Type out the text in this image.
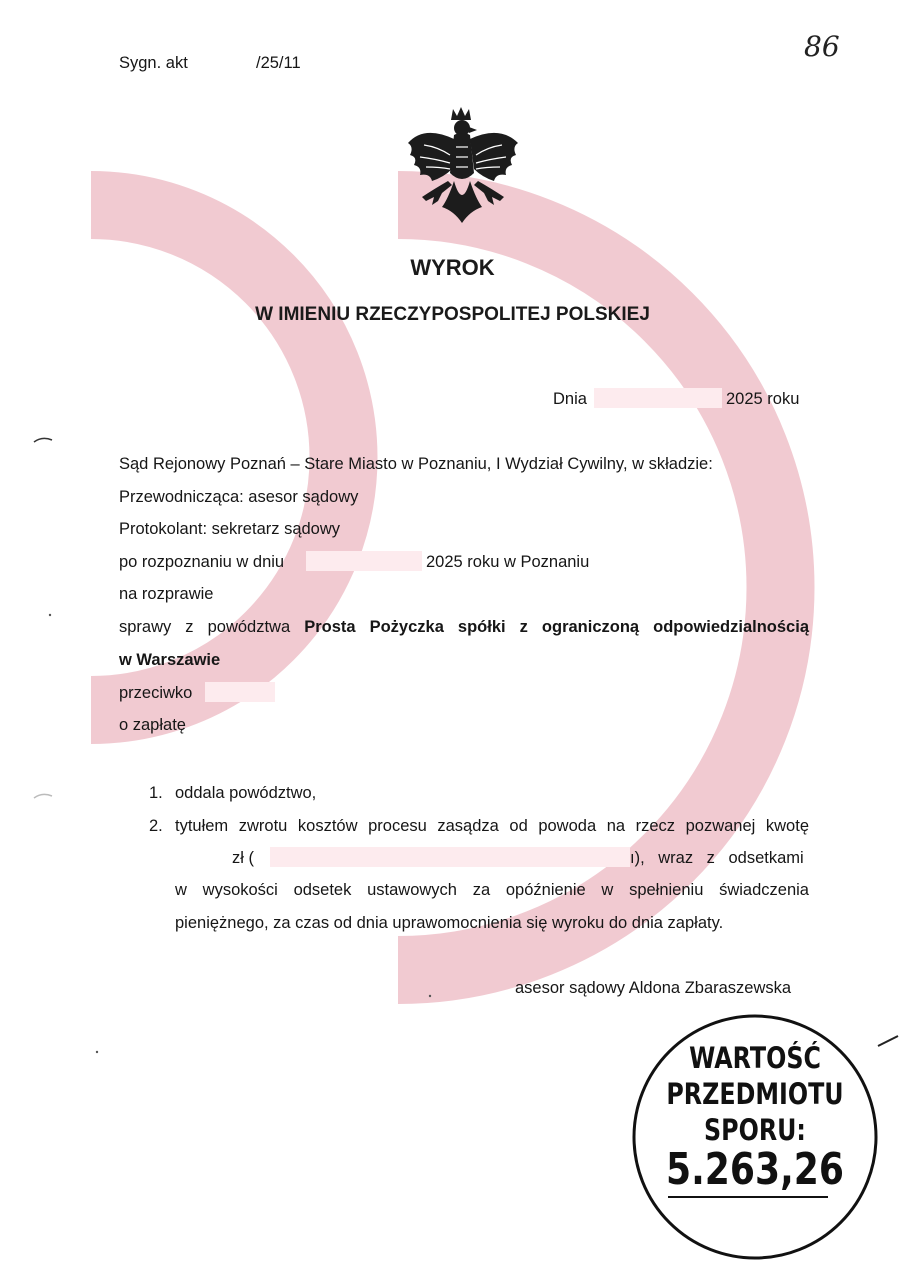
Sygn. akt	/25/11	86
WYROK
W IMIENIU RZECZYPOSPOLITEJ POLSKIEJ
Dnia	2025 roku
Sąd Rejonowy Poznań – Stare Miasto w Poznaniu, I Wydział Cywilny, w składzie:
Przewodnicząca: asesor sądowy
Protokolant: sekretarz sądowy
po rozpoznaniu w dniu	2025 roku w Poznaniu
na rozprawie
sprawy z powództwa Prosta Pożyczka spółki z ograniczoną odpowiedzialnością
w Warszawie
przeciwko
o zapłatę
1. oddala powództwo,
2. tytułem zwrotu kosztów procesu zasądza od powoda na rzecz pozwanej kwotę
zł (	ı), wraz z odsetkami
w wysokości odsetek ustawowych za opóźnienie w spełnieniu świadczenia
pieniężnego, za czas od dnia uprawomocnienia się wyroku do dnia zapłaty.
asesor sądowy Aldona Zbaraszewska
WARTOŚĆ
PRZEDMIOTU
SPORU:
5.263,26
